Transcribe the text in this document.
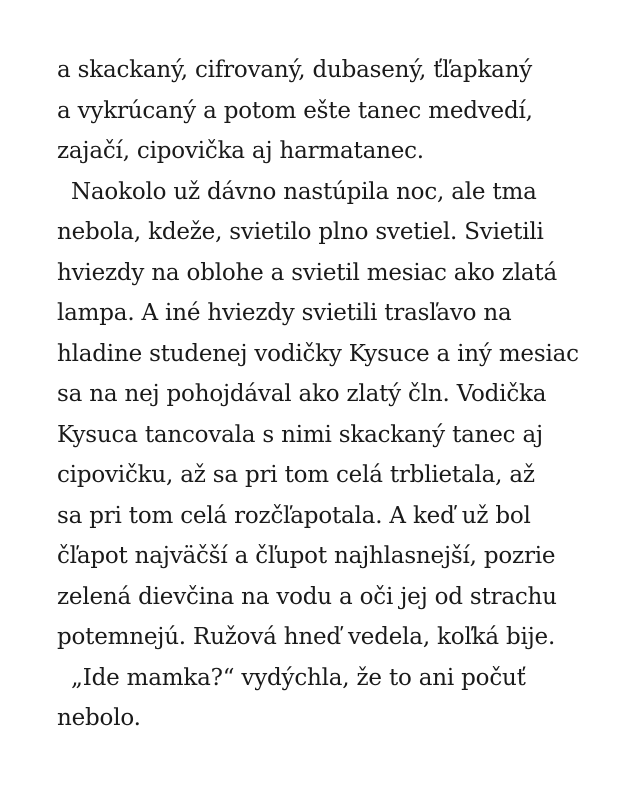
a skackaný, cifrovaný, dubasený, ťľapkaný
a vykrúcaný a potom ešte tanec medvedí,
zajačí, cipovička aj harmatanec.
Naokolo už dávno nastúpila noc, ale tma
nebola, kdeže, svietilo plno svetiel. Svietili
hviezdy na oblohe a svietil mesiac ako zlatá
lampa. A iné hviezdy svietili trasľavo na
hladine studenej vodičky Kysuce a iný mesiac
sa na nej pohojdával ako zlatý čln. Vodička
Kysuca tancovala s nimi skackaný tanec aj
cipovičku, až sa pri tom celá trblietala, až
sa pri tom celá rozčľapotala. A keď už bol
čľapot najväčší a čľupot najhlasnejší, pozrie
zelená dievčina na vodu a oči jej od strachu
potemnejú. Ružová hneď vedela, koľká bije.
„Ide mamka?“ vydýchla, že to ani počuť
nebolo.
